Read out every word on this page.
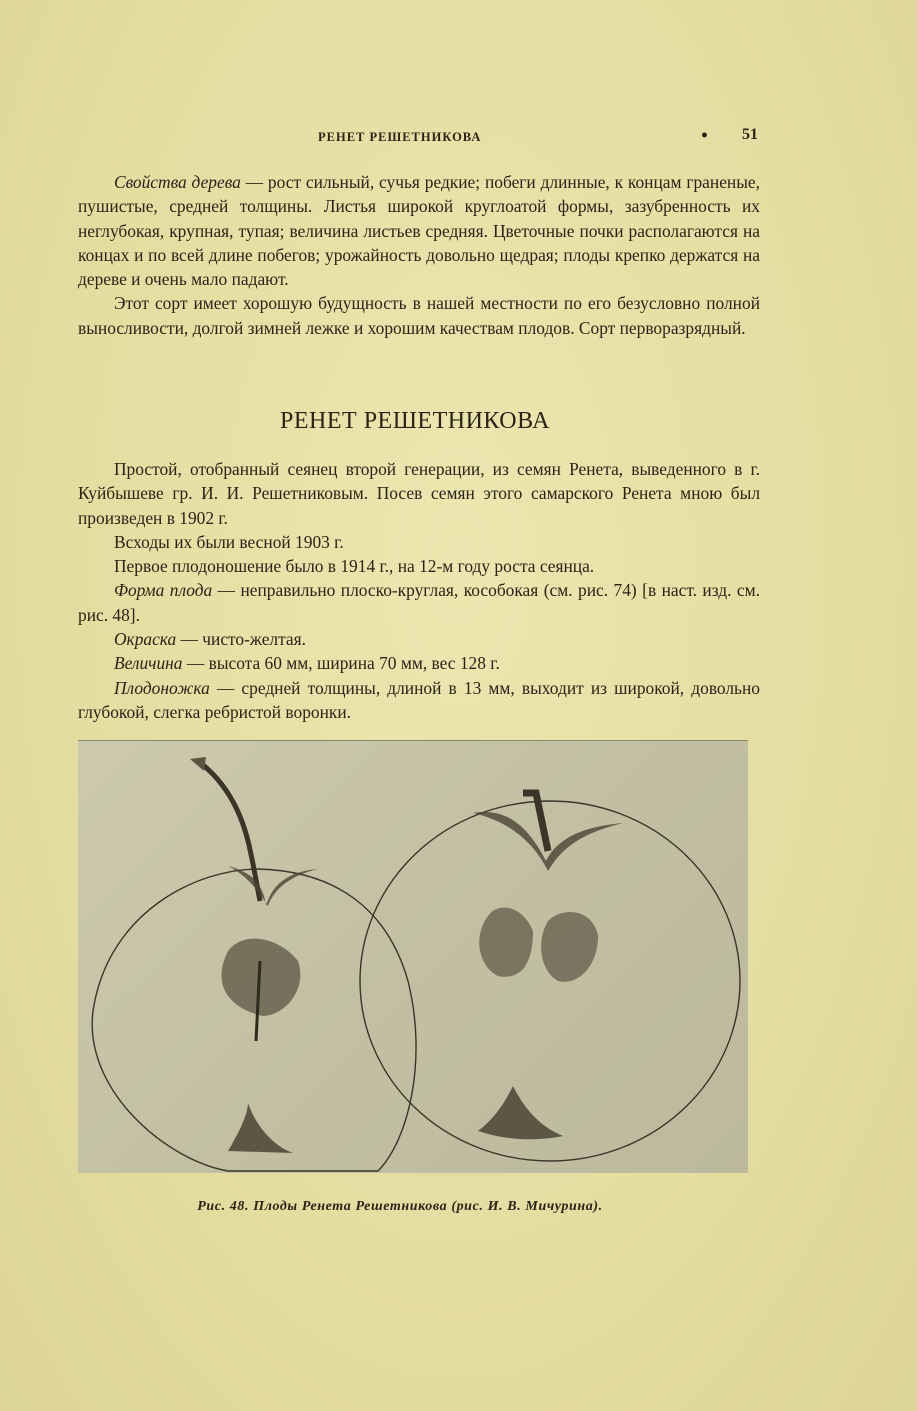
РЕНЕТ РЕШЕТНИКОВА	• 51

Свойства дерева — рост сильный, сучья редкие; побеги длинные, к концам граненые, пушистые, средней толщины. Листья широкой круглоатой формы, зазубренность их неглубокая, крупная, тупая; величина листьев средняя. Цветочные почки располагаются на концах и по всей длине побегов; урожайность довольно щедрая; плоды крепко держатся на дереве и очень мало падают.

Этот сорт имеет хорошую будущность в нашей местности по его безусловно полной выносливости, долгой зимней лежке и хорошим качествам плодов. Сорт перворазрядный.

РЕНЕТ РЕШЕТНИКОВА

Простой, отобранный сеянец второй генерации, из семян Ренета, выведенного в г. Куйбышеве гр. И. И. Решетниковым. Посев семян этого самарского Ренета мною был произведен в 1902 г.

Всходы их были весной 1903 г.

Первое плодоношение было в 1914 г., на 12-м году роста сеянца.

Форма плода — неправильно плоско-круглая, кособокая (см. рис. 74) [в наст. изд. см. рис. 48].

Окраска — чисто-желтая.

Величина — высота 60 мм, ширина 70 мм, вес 128 г.

Плодоножка — средней толщины, длиной в 13 мм, выходит из широкой, довольно глубокой, слегка ребристой воронки.

Рис. 48. Плоды Ренета Решетникова (рис. И. В. Мичурина).
